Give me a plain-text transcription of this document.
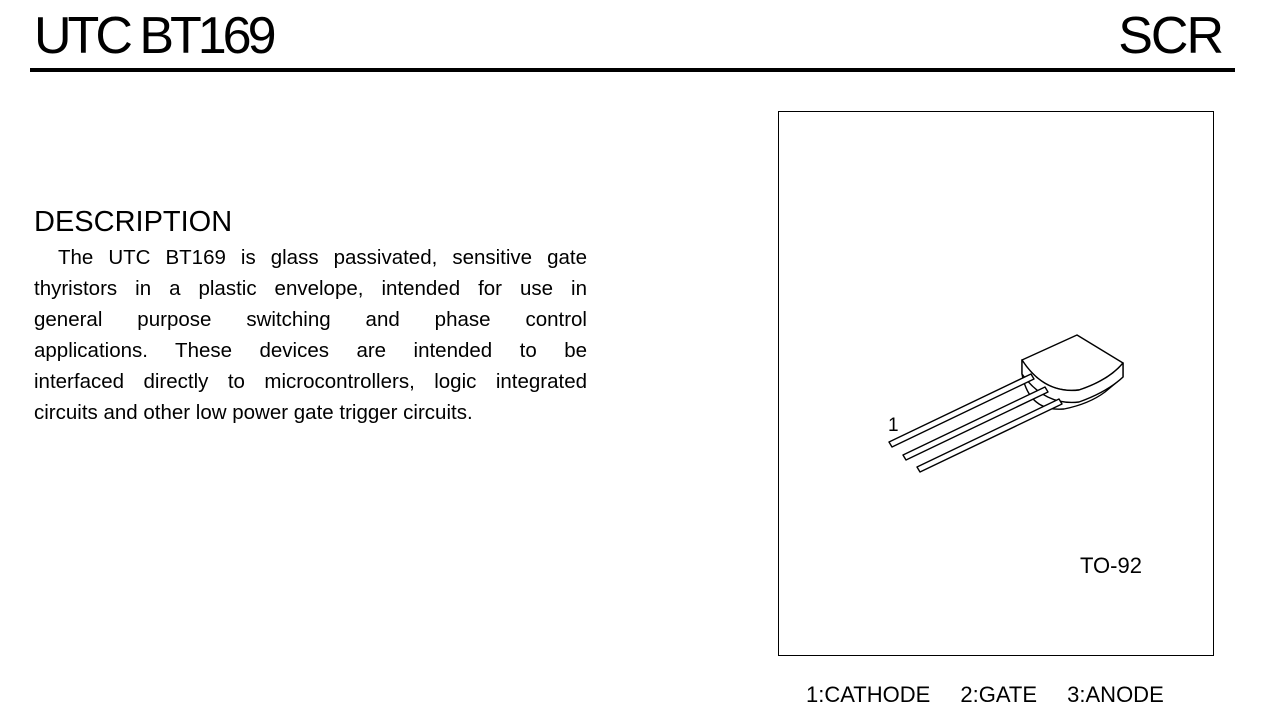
UTC BT169	SCR
DESCRIPTION
The UTC BT169 is glass passivated, sensitive gate
thyristors in a plastic envelope, intended for use in
general purpose switching and phase control
applications. These devices are intended to be
interfaced directly to microcontrollers, logic integrated
circuits and other low power gate trigger circuits.
1
TO-92
1:CATHODE 2:GATE 3:ANODE
